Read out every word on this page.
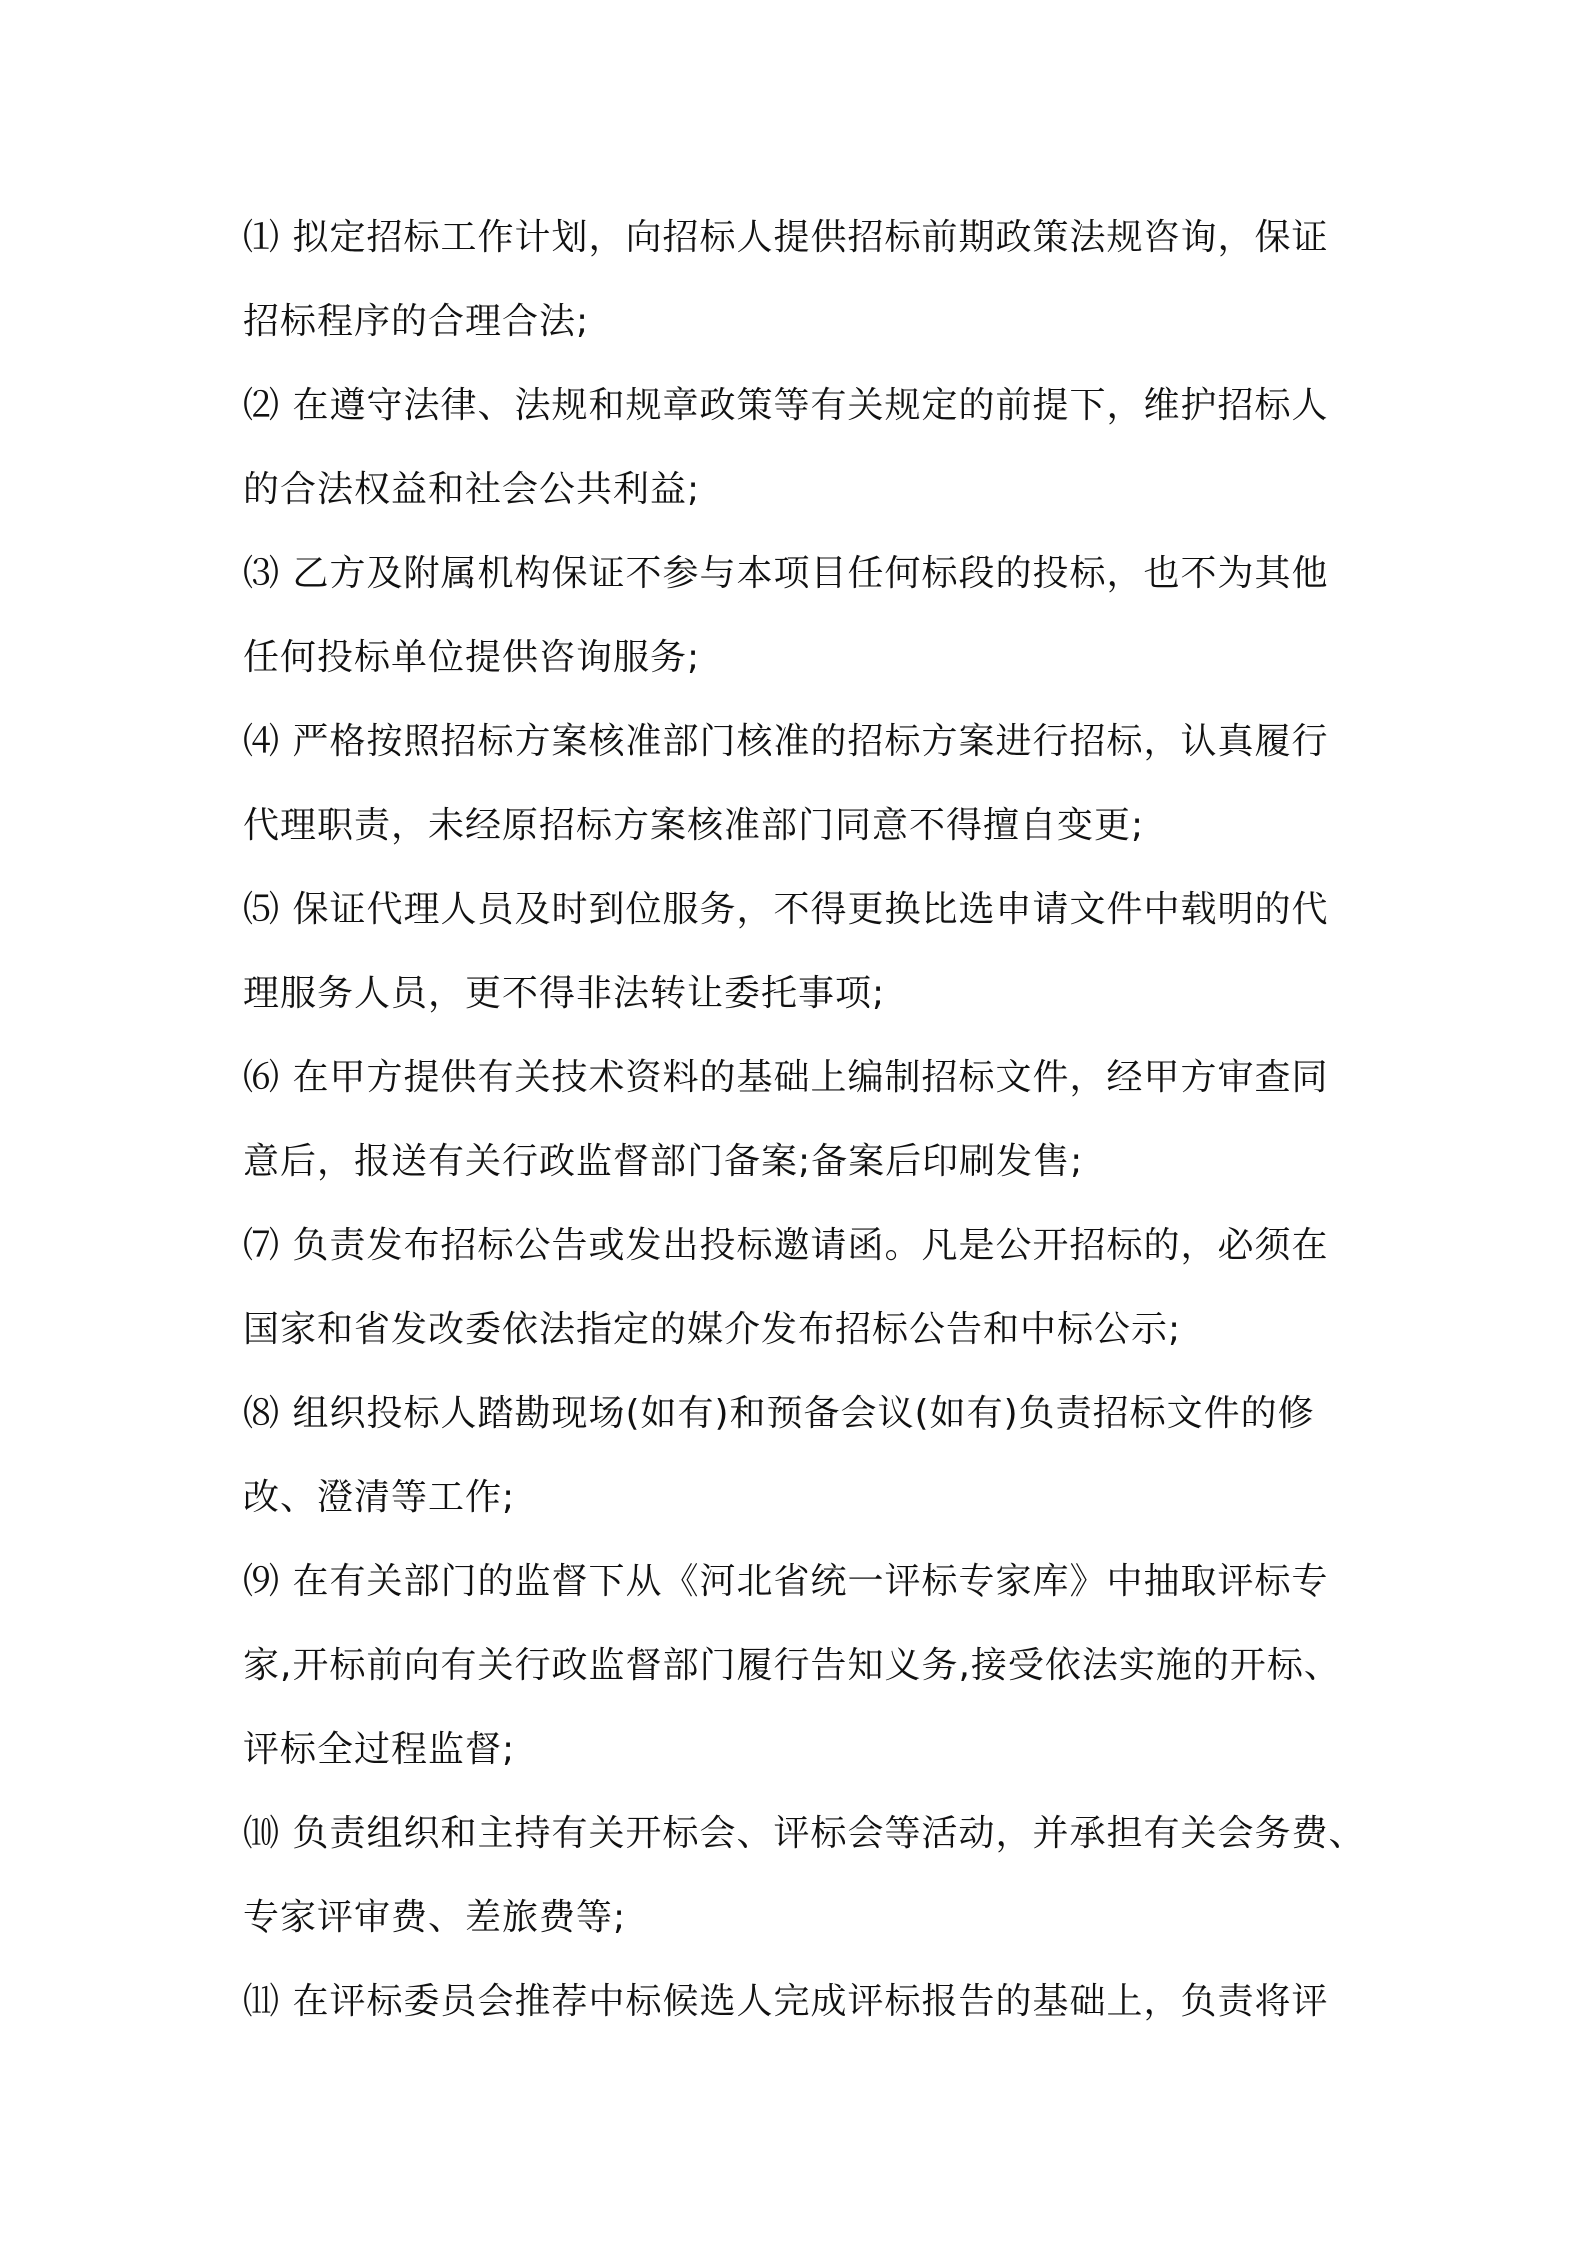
⑴ 拟定招标工作计划，向招标人提供招标前期政策法规咨询，保证
招标程序的合理合法;
⑵ 在遵守法律、法规和规章政策等有关规定的前提下，维护招标人
的合法权益和社会公共利益;
⑶ 乙方及附属机构保证不参与本项目任何标段的投标，也不为其他
任何投标单位提供咨询服务;
⑷ 严格按照招标方案核准部门核准的招标方案进行招标，认真履行
代理职责，未经原招标方案核准部门同意不得擅自变更;
⑸ 保证代理人员及时到位服务，不得更换比选申请文件中载明的代
理服务人员，更不得非法转让委托事项;
⑹ 在甲方提供有关技术资料的基础上编制招标文件，经甲方审查同
意后，报送有关行政监督部门备案;备案后印刷发售;
⑺ 负责发布招标公告或发出投标邀请函。凡是公开招标的，必须在
国家和省发改委依法指定的媒介发布招标公告和中标公示;
⑻ 组织投标人踏勘现场(如有)和预备会议(如有)负责招标文件的修
改、澄清等工作;
⑼ 在有关部门的监督下从《河北省统一评标专家库》中抽取评标专
家,开标前向有关行政监督部门履行告知义务,接受依法实施的开标、
评标全过程监督;
⑽ 负责组织和主持有关开标会、评标会等活动，并承担有关会务费、
专家评审费、差旅费等;
⑾ 在评标委员会推荐中标候选人完成评标报告的基础上，负责将评
